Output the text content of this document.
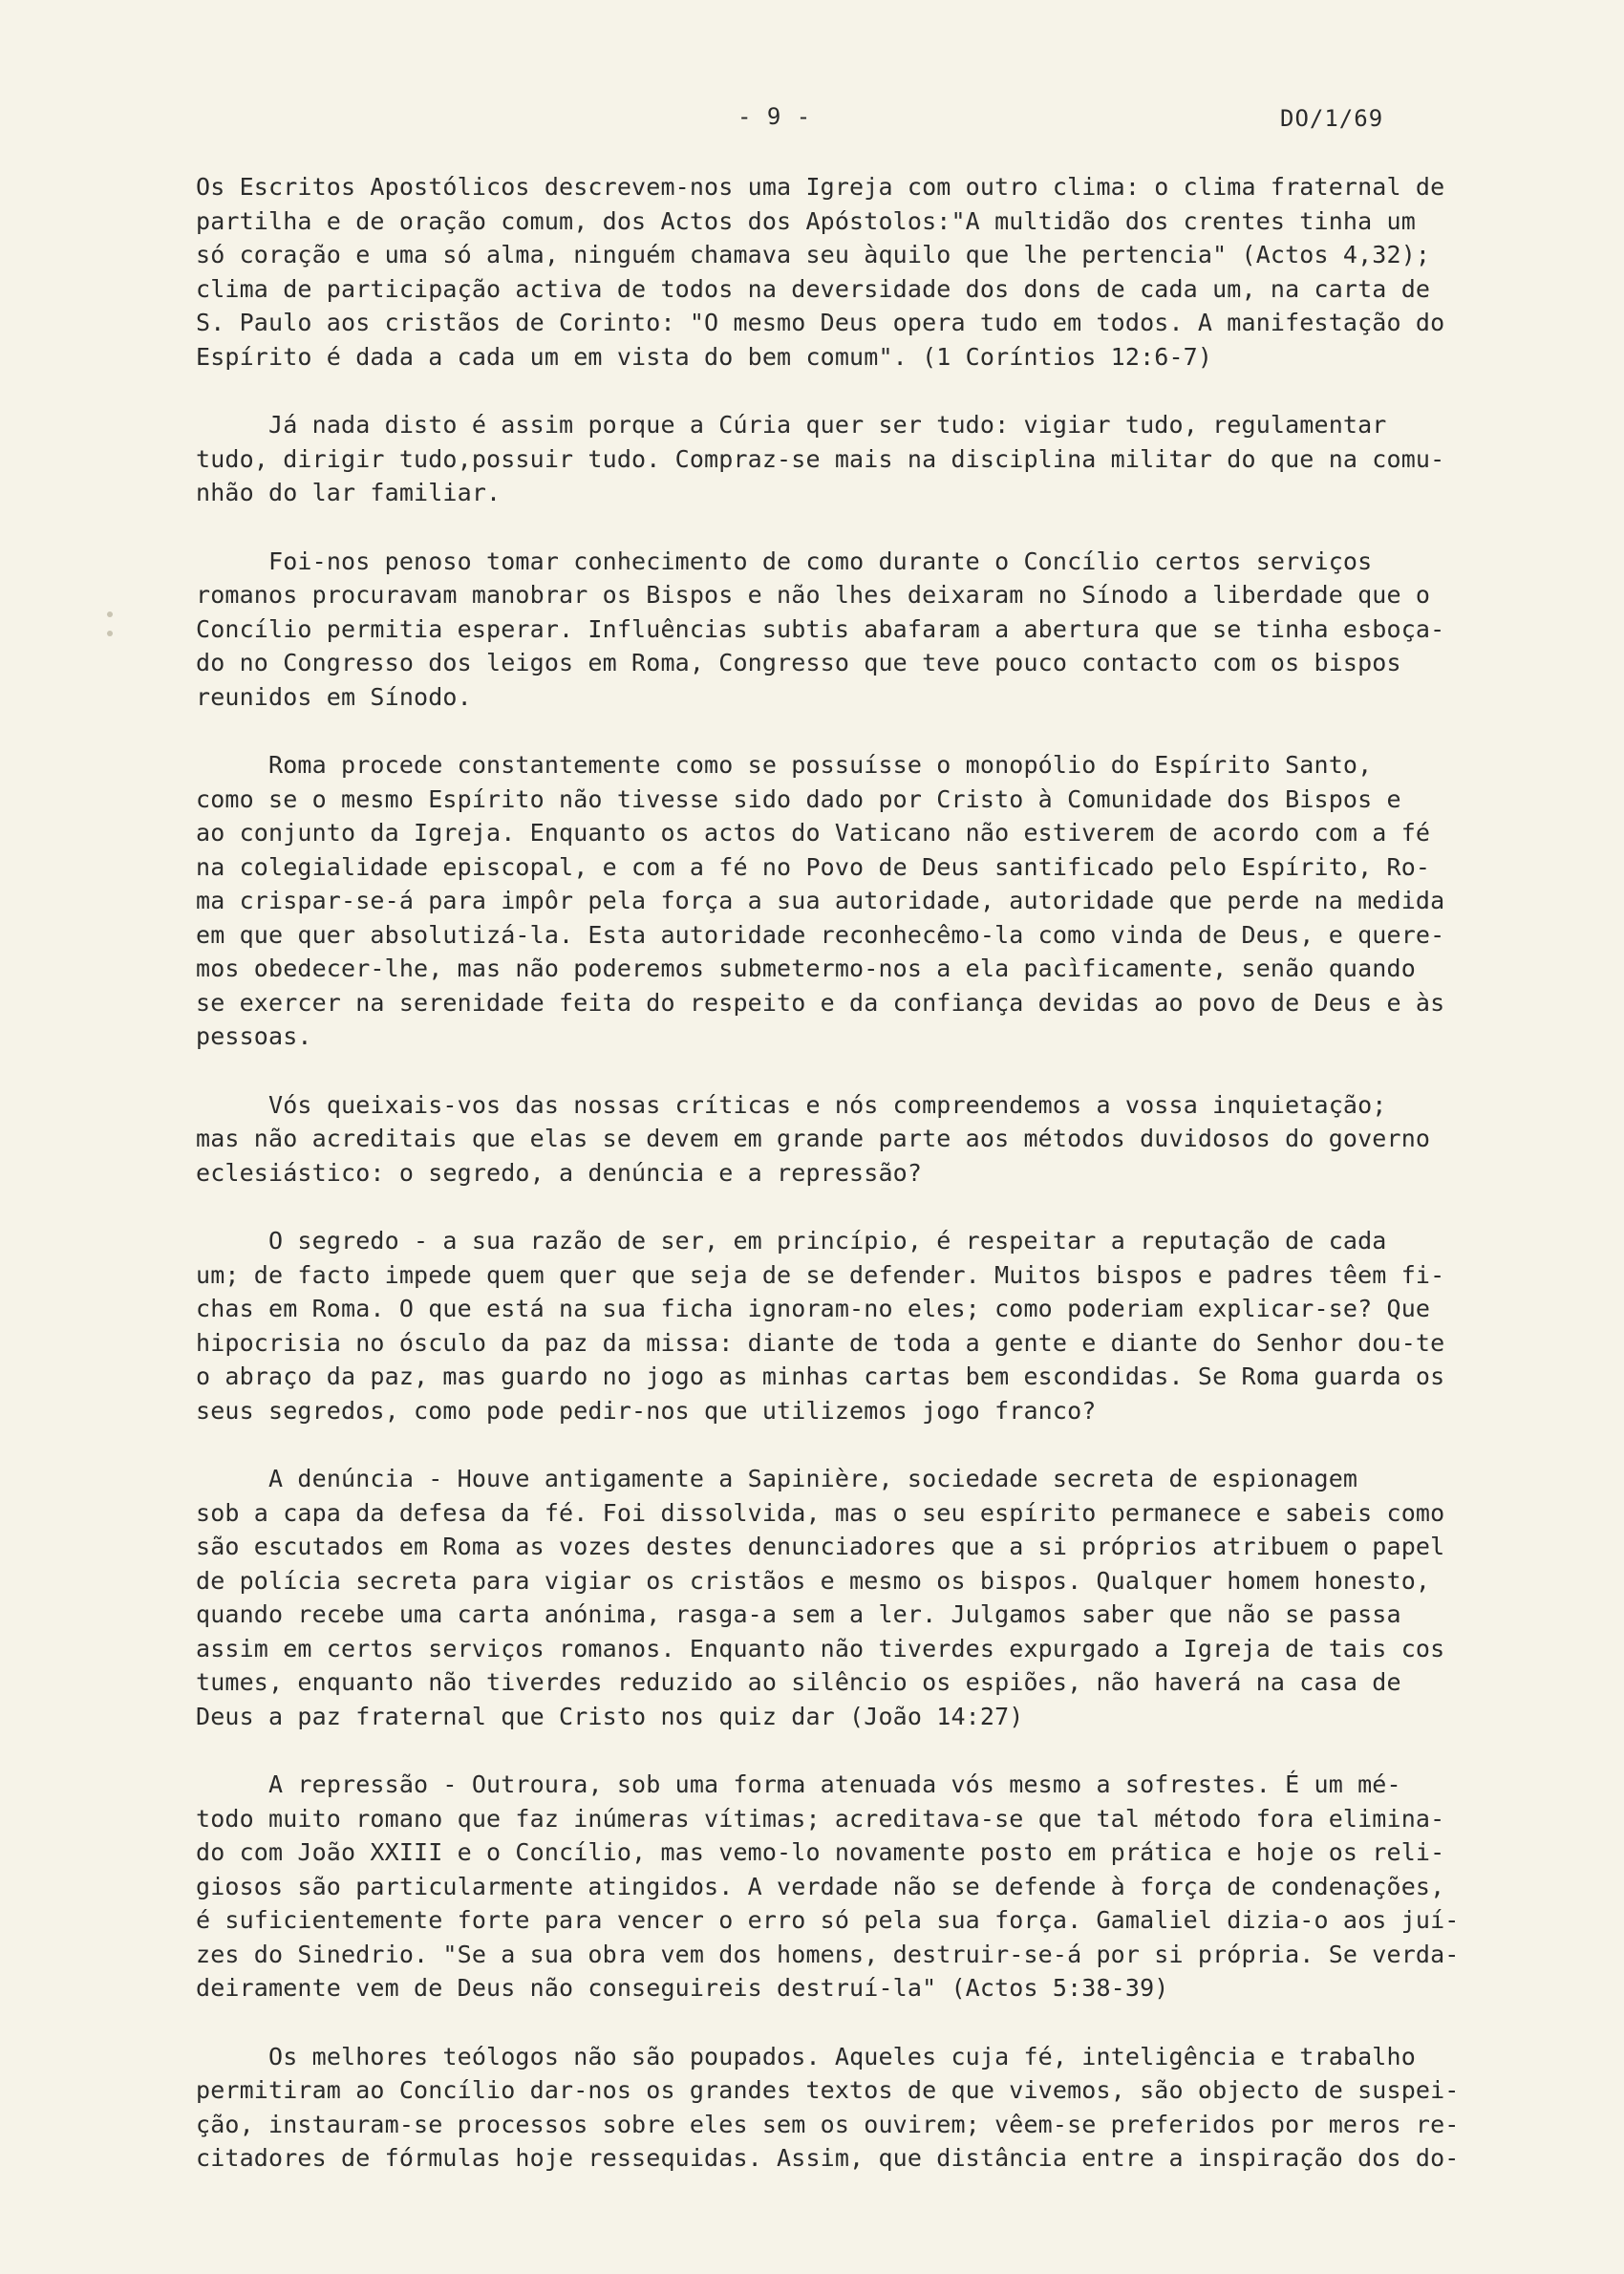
- 9 -	DO/1/69

Os Escritos Apostólicos descrevem-nos uma Igreja com outro clima: o clima fraternal de
partilha e de oração comum, dos Actos dos Apóstolos:"A multidão dos crentes tinha um
só coração e uma só alma, ninguém chamava seu àquilo que lhe pertencia" (Actos 4,32);
clima de participação activa de todos na deversidade dos dons de cada um, na carta de
S. Paulo aos cristãos de Corinto: "O mesmo Deus opera tudo em todos. A manifestação do
Espírito é dada a cada um em vista do bem comum". (1 Coríntios 12:6-7)

Já nada disto é assim porque a Cúria quer ser tudo: vigiar tudo, regulamentar
tudo, dirigir tudo,possuir tudo. Compraz-se mais na disciplina militar do que na comu-
nhão do lar familiar.

Foi-nos penoso tomar conhecimento de como durante o Concílio certos serviços
romanos procuravam manobrar os Bispos e não lhes deixaram no Sínodo a liberdade que o
Concílio permitia esperar. Influências subtis abafaram a abertura que se tinha esboça-
do no Congresso dos leigos em Roma, Congresso que teve pouco contacto com os bispos
reunidos em Sínodo.

Roma procede constantemente como se possuísse o monopólio do Espírito Santo,
como se o mesmo Espírito não tivesse sido dado por Cristo à Comunidade dos Bispos e
ao conjunto da Igreja. Enquanto os actos do Vaticano não estiverem de acordo com a fé
na colegialidade episcopal, e com a fé no Povo de Deus santificado pelo Espírito, Ro-
ma crispar-se-á para impôr pela força a sua autoridade, autoridade que perde na medida
em que quer absolutizá-la. Esta autoridade reconhecêmo-la como vinda de Deus, e quere-
mos obedecer-lhe, mas não poderemos submetermo-nos a ela pacìficamente, senão quando
se exercer na serenidade feita do respeito e da confiança devidas ao povo de Deus e às
pessoas.

Vós queixais-vos das nossas críticas e nós compreendemos a vossa inquietação;
mas não acreditais que elas se devem em grande parte aos métodos duvidosos do governo
eclesiástico: o segredo, a denúncia e a repressão?

O segredo - a sua razão de ser, em princípio, é respeitar a reputação de cada
um; de facto impede quem quer que seja de se defender. Muitos bispos e padres têem fi-
chas em Roma. O que está na sua ficha ignoram-no eles; como poderiam explicar-se? Que
hipocrisia no ósculo da paz da missa: diante de toda a gente e diante do Senhor dou-te
o abraço da paz, mas guardo no jogo as minhas cartas bem escondidas. Se Roma guarda os
seus segredos, como pode pedir-nos que utilizemos jogo franco?

A denúncia - Houve antigamente a Sapinière, sociedade secreta de espionagem
sob a capa da defesa da fé. Foi dissolvida, mas o seu espírito permanece e sabeis como
são escutados em Roma as vozes destes denunciadores que a si próprios atribuem o papel
de polícia secreta para vigiar os cristãos e mesmo os bispos. Qualquer homem honesto,
quando recebe uma carta anónima, rasga-a sem a ler. Julgamos saber que não se passa
assim em certos serviços romanos. Enquanto não tiverdes expurgado a Igreja de tais cos
tumes, enquanto não tiverdes reduzido ao silêncio os espiões, não haverá na casa de
Deus a paz fraternal que Cristo nos quiz dar (João 14:27)

A repressão - Outroura, sob uma forma atenuada vós mesmo a sofrestes. É um mé-
todo muito romano que faz inúmeras vítimas; acreditava-se que tal método fora elimina-
do com João XXIII e o Concílio, mas vemo-lo novamente posto em prática e hoje os reli-
giosos são particularmente atingidos. A verdade não se defende à força de condenações,
é suficientemente forte para vencer o erro só pela sua força. Gamaliel dizia-o aos juí-
zes do Sinedrio. "Se a sua obra vem dos homens, destruir-se-á por si própria. Se verda-
deiramente vem de Deus não conseguireis destruí-la" (Actos 5:38-39)

Os melhores teólogos não são poupados. Aqueles cuja fé, inteligência e trabalho
permitiram ao Concílio dar-nos os grandes textos de que vivemos, são objecto de suspei-
ção, instauram-se processos sobre eles sem os ouvirem; vêem-se preferidos por meros re-
citadores de fórmulas hoje ressequidas. Assim, que distância entre a inspiração dos do-
